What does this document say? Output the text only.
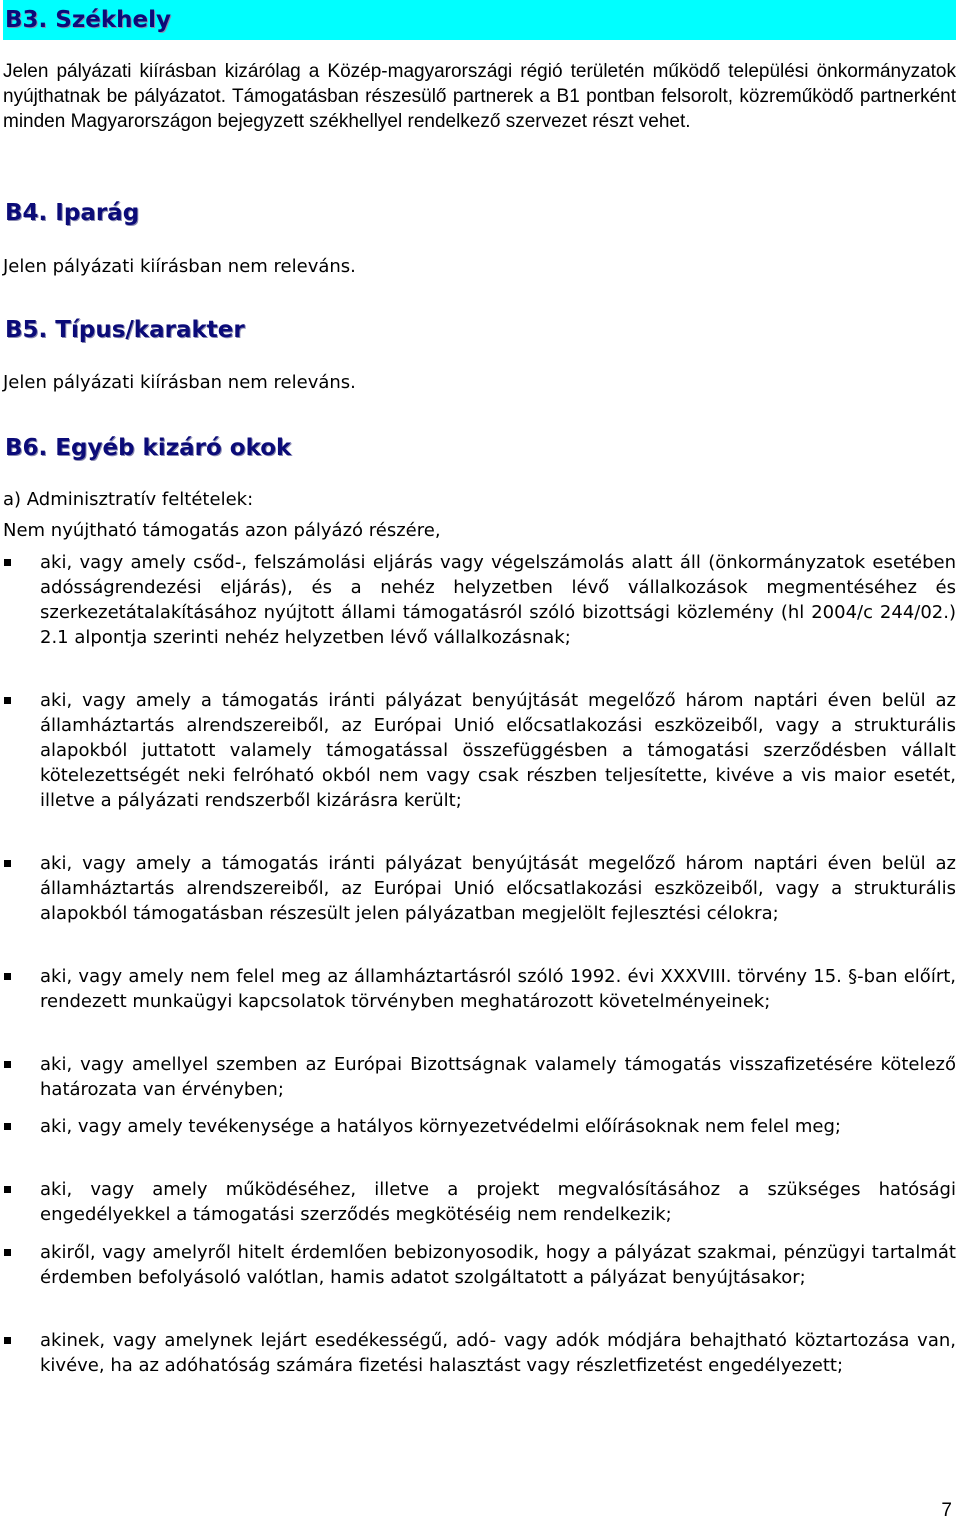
B3. Székhely
Jelen pályázati kiírásban kizárólag a Közép-magyarországi régió területén működő települési önkormányzatok nyújthatnak be pályázatot. Támogatásban részesülő partnerek a B1 pontban felsorolt, közreműködő partnerként minden Magyarországon bejegyzett székhellyel rendelkező szervezet részt vehet.
B4. Iparág
Jelen pályázati kiírásban nem releváns.
B5. Típus/karakter
Jelen pályázati kiírásban nem releváns.
B6. Egyéb kizáró okok
a) Adminisztratív feltételek:
Nem nyújtható támogatás azon pályázó részére,
aki, vagy amely csőd-, felszámolási eljárás vagy végelszámolás alatt áll (önkormányzatok esetében adósságrendezési eljárás), és a nehéz helyzetben lévő vállalkozások megmentéséhez és szerkezetátalakításához nyújtott állami támogatásról szóló bizottsági közlemény (hl 2004/c 244/02.) 2.1 alpontja szerinti nehéz helyzetben lévő vállalkozásnak;
aki, vagy amely a támogatás iránti pályázat benyújtását megelőző három naptári éven belül az államháztartás alrendszereiből, az Európai Unió előcsatlakozási eszközeiből, vagy a strukturális alapokból juttatott valamely támogatással összefüggésben a támogatási szerződésben vállalt kötelezettségét neki felróható okból nem vagy csak részben teljesítette, kivéve a vis maior esetét, illetve a pályázati rendszerből kizárásra került;
aki, vagy amely a támogatás iránti pályázat benyújtását megelőző három naptári éven belül az államháztartás alrendszereiből, az Európai Unió előcsatlakozási eszközeiből, vagy a strukturális alapokból támogatásban részesült jelen pályázatban megjelölt fejlesztési célokra;
aki, vagy amely nem felel meg az államháztartásról szóló 1992. évi XXXVIII. törvény 15. §-ban előírt, rendezett munkaügyi kapcsolatok törvényben meghatározott követelményeinek;
aki, vagy amellyel szemben az Európai Bizottságnak valamely támogatás visszafizetésére kötelező határozata van érvényben;
aki, vagy amely tevékenysége a hatályos környezetvédelmi előírásoknak nem felel meg;
aki, vagy amely működéséhez, illetve a projekt megvalósításához a szükséges hatósági engedélyekkel a támogatási szerződés megkötéséig nem rendelkezik;
akiről, vagy amelyről hitelt érdemlően bebizonyosodik, hogy a pályázat szakmai, pénzügyi tartalmát érdemben befolyásoló valótlan, hamis adatot szolgáltatott a pályázat benyújtásakor;
akinek, vagy amelynek lejárt esedékességű, adó- vagy adók módjára behajtható köztartozása van, kivéve, ha az adóhatóság számára fizetési halasztást vagy részletfizetést engedélyezett;
7
